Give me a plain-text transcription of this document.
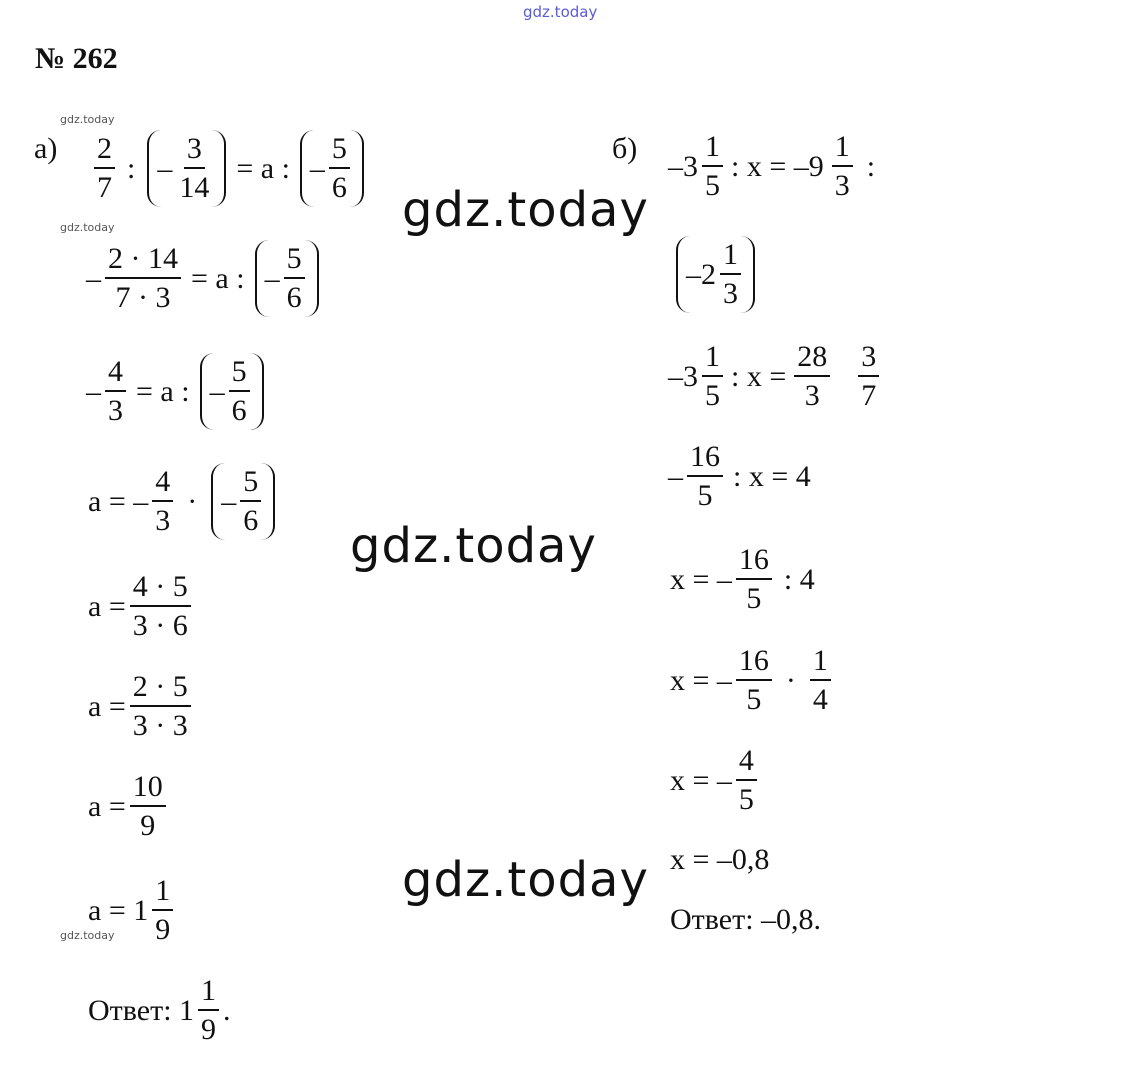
gdz.today
gdz.today
gdz.today
gdz.today
gdz.today
gdz.today
gdz.today
№ 262
$а) \frac{2}{7}$ : – $\frac{3}{14} = a$ : – $\frac{5}{6}$
– $\frac{2 \cdot 14}{7 \cdot 3} = a$ : – $\frac{5}{6}$
– $\frac{4}{3} = a$ : – $\frac{5}{6}$
a = – $\frac{4}{3}$ · – $\frac{5}{6}$
$a = \frac{4 \cdot 5}{3 \cdot 6}$
$a = \frac{2 \cdot 5}{3 \cdot 3}$
$a = \frac{10}{9}$
$a = 1 \frac{1}{9}$
Ответ: $1 \frac{1}{9}$ .
б)
$-3 \frac{1}{5}$ : $x = -9 \frac{1}{3}$ :
$-2 \frac{1}{3}$
$-3 \frac{1}{5}$ : $x = \frac{28}{3} \frac{3}{7}$
– $\frac{16}{5}$ : x = 4
x = – $\frac{16}{5}$ : 4
x = – $\frac{16}{5} \cdot \frac{1}{4}$
x = – $\frac{4}{5}$
x = –0,8
Ответ: –0,8.
